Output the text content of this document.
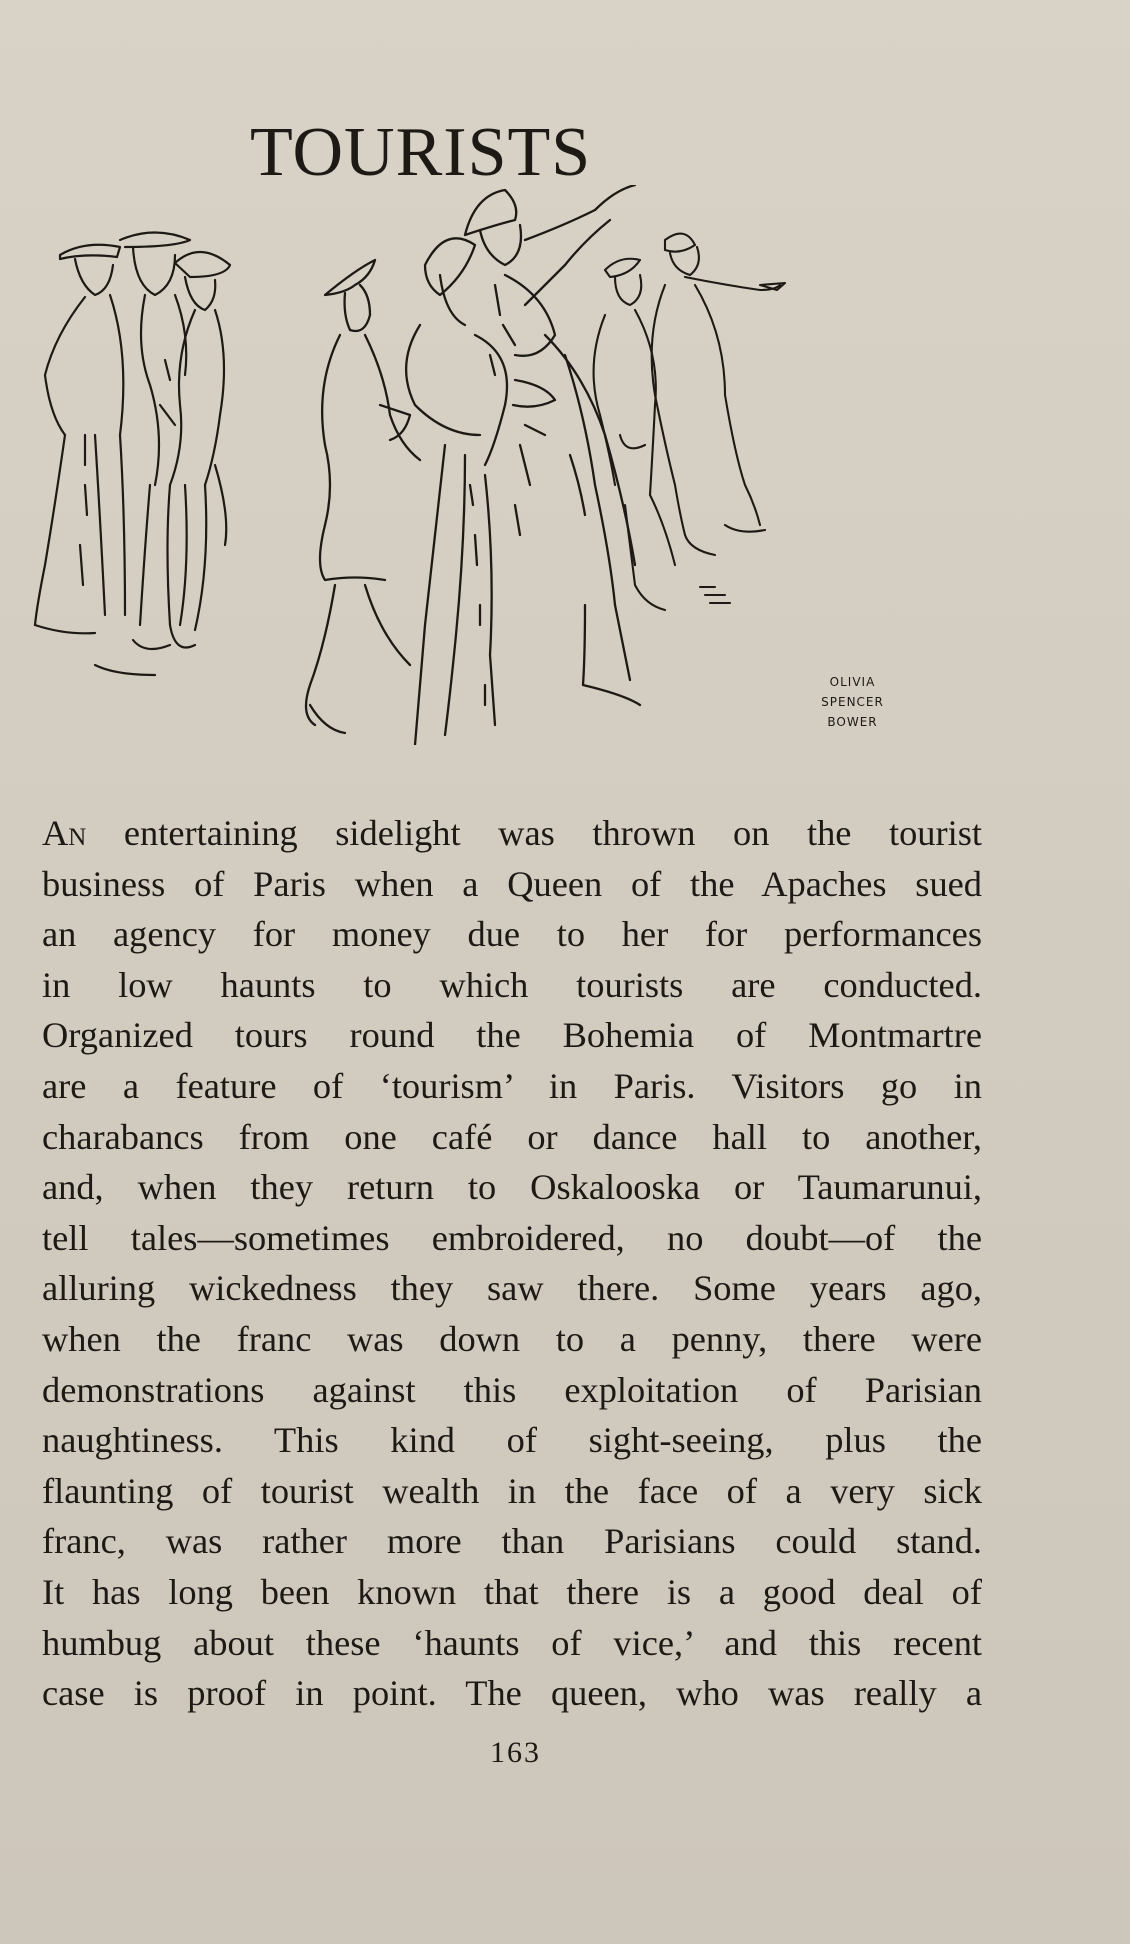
TOURISTS
OLIVIA
SPENCER
BOWER
An entertaining sidelight was thrown on the tourist
business of Paris when a Queen of the Apaches sued
an agency for money due to her for performances
in low haunts to which tourists are conducted.
Organized tours round the Bohemia of Montmartre
are a feature of ‘tourism’ in Paris. Visitors go in
charabancs from one café or dance hall to another,
and, when they return to Oskalooska or Taumarunui,
tell tales—sometimes embroidered, no doubt—of the
alluring wickedness they saw there. Some years ago,
when the franc was down to a penny, there were
demonstrations against this exploitation of Parisian
naughtiness. This kind of sight-seeing, plus the
flaunting of tourist wealth in the face of a very sick
franc, was rather more than Parisians could stand.
It has long been known that there is a good deal of
humbug about these ‘haunts of vice,’ and this recent
case is proof in point. The queen, who was really a
163
